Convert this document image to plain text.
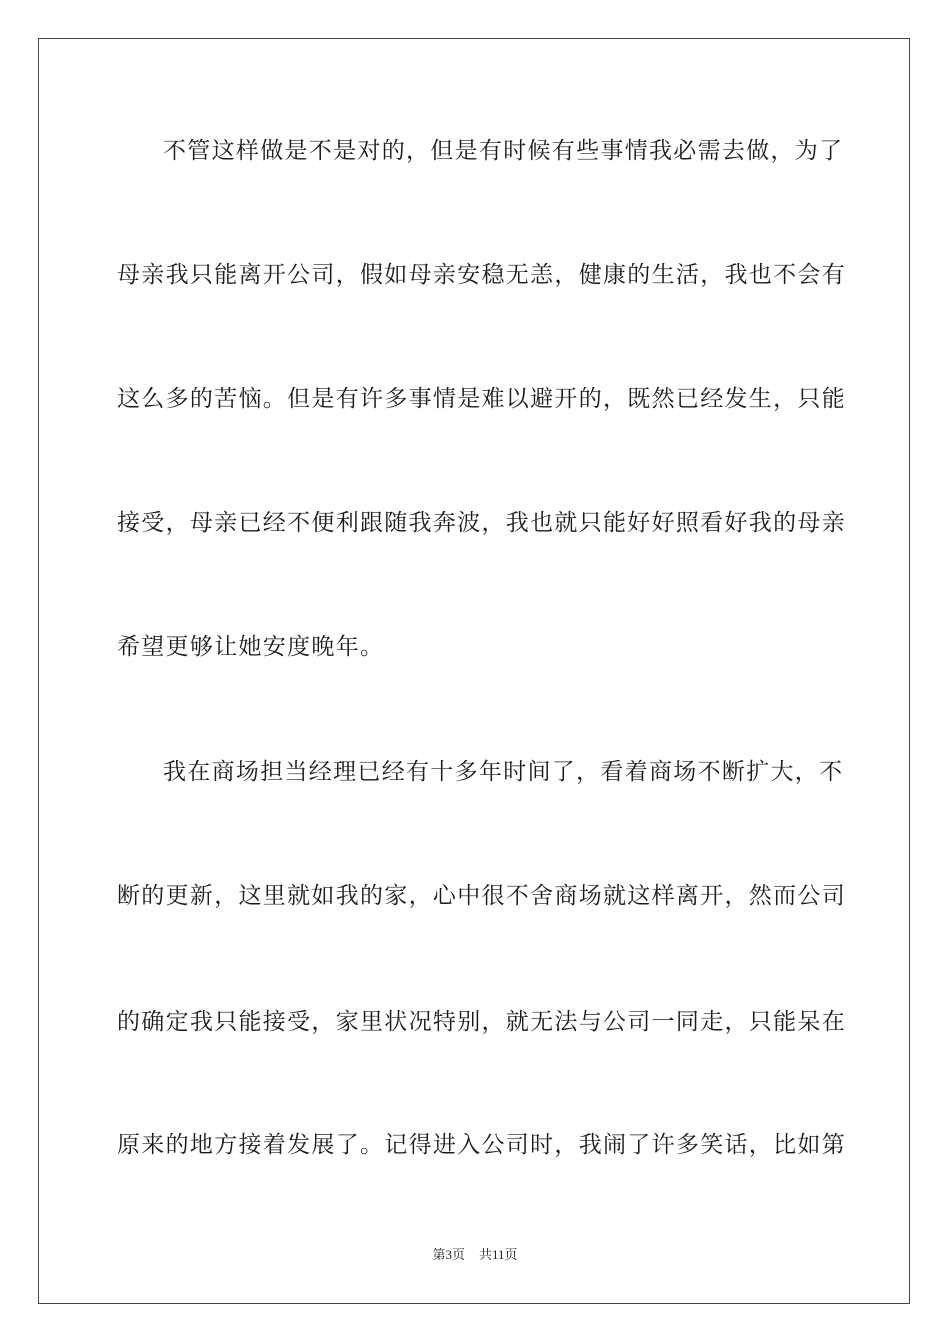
不管这样做是不是对的，但是有时候有些事情我必需去做，为了
母亲我只能离开公司，假如母亲安稳无恙，健康的生活，我也不会有
这么多的苦恼。但是有许多事情是难以避开的，既然已经发生，只能
接受，母亲已经不便利跟随我奔波，我也就只能好好照看好我的母亲
希望更够让她安度晚年。
我在商场担当经理已经有十多年时间了，看着商场不断扩大，不
断的更新，这里就如我的家，心中很不舍商场就这样离开，然而公司
的确定我只能接受，家里状况特别，就无法与公司一同走，只能呆在
原来的地方接着发展了。记得进入公司时，我闹了许多笑话，比如第
第3页 共11页
